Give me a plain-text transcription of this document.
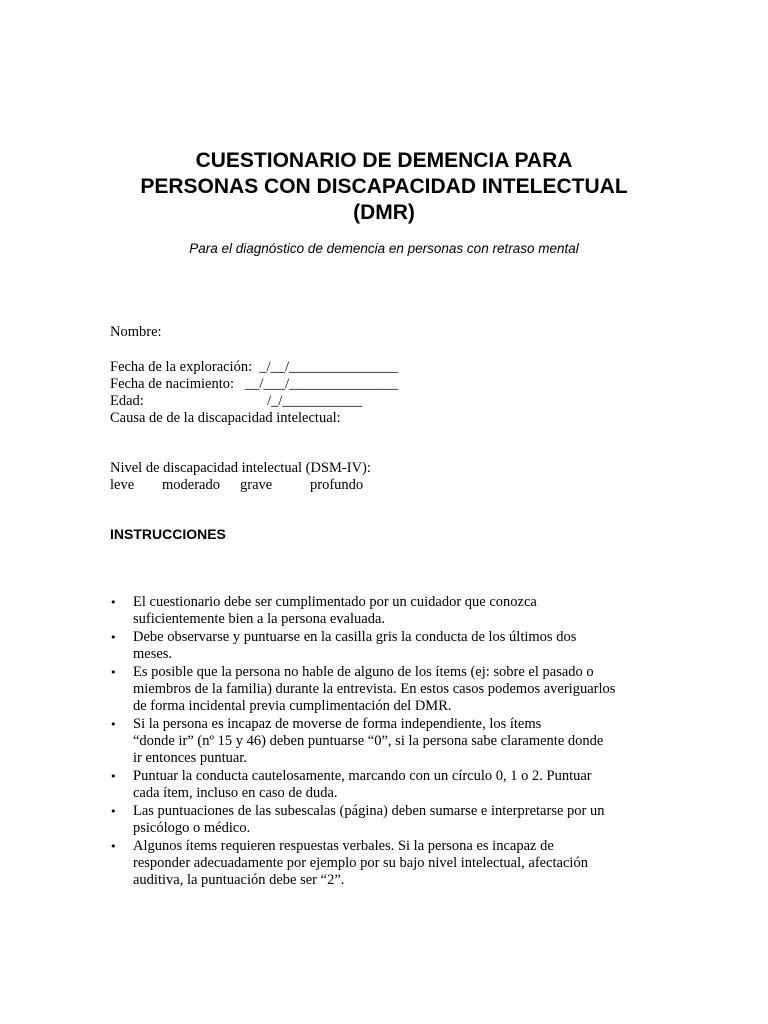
CUESTIONARIO DE DEMENCIA PARA
PERSONAS CON DISCAPACIDAD INTELECTUAL
(DMR)
Para el diagnóstico de demencia en personas con retraso mental
Nombre:
Fecha de la exploración:  _/__/_______________
Fecha de nacimiento:   __/___/_______________
Edad:                                  /_/___________
Causa de de la discapacidad intelectual:
Nivel de discapacidad intelectual (DSM-IV):
leve moderado grave	profundo
INSTRUCCIONES
• El cuestionario debe ser cumplimentado por un cuidador que conozca
suficientemente bien a la persona evaluada.
• Debe observarse y puntuarse en la casilla gris la conducta de los últimos dos
meses.
• Es posible que la persona no hable de alguno de los ítems (ej: sobre el pasado o
miembros de la familia) durante la entrevista. En estos casos podemos averiguarlos
de forma incidental previa cumplimentación del DMR.
• Si la persona es incapaz de moverse de forma independiente, los ítems
“donde ir” (nº 15 y 46) deben puntuarse “0”, si la persona sabe claramente donde
ir entonces puntuar.
• Puntuar la conducta cautelosamente, marcando con un círculo 0, 1 o 2. Puntuar
cada ítem, incluso en caso de duda.
• Las puntuaciones de las subescalas (página) deben sumarse e interpretarse por un
psicólogo o médico.
• Algunos ítems requieren respuestas verbales. Si la persona es incapaz de
responder adecuadamente por ejemplo por su bajo nivel intelectual, afectación
auditiva, la puntuación debe ser “2”.
